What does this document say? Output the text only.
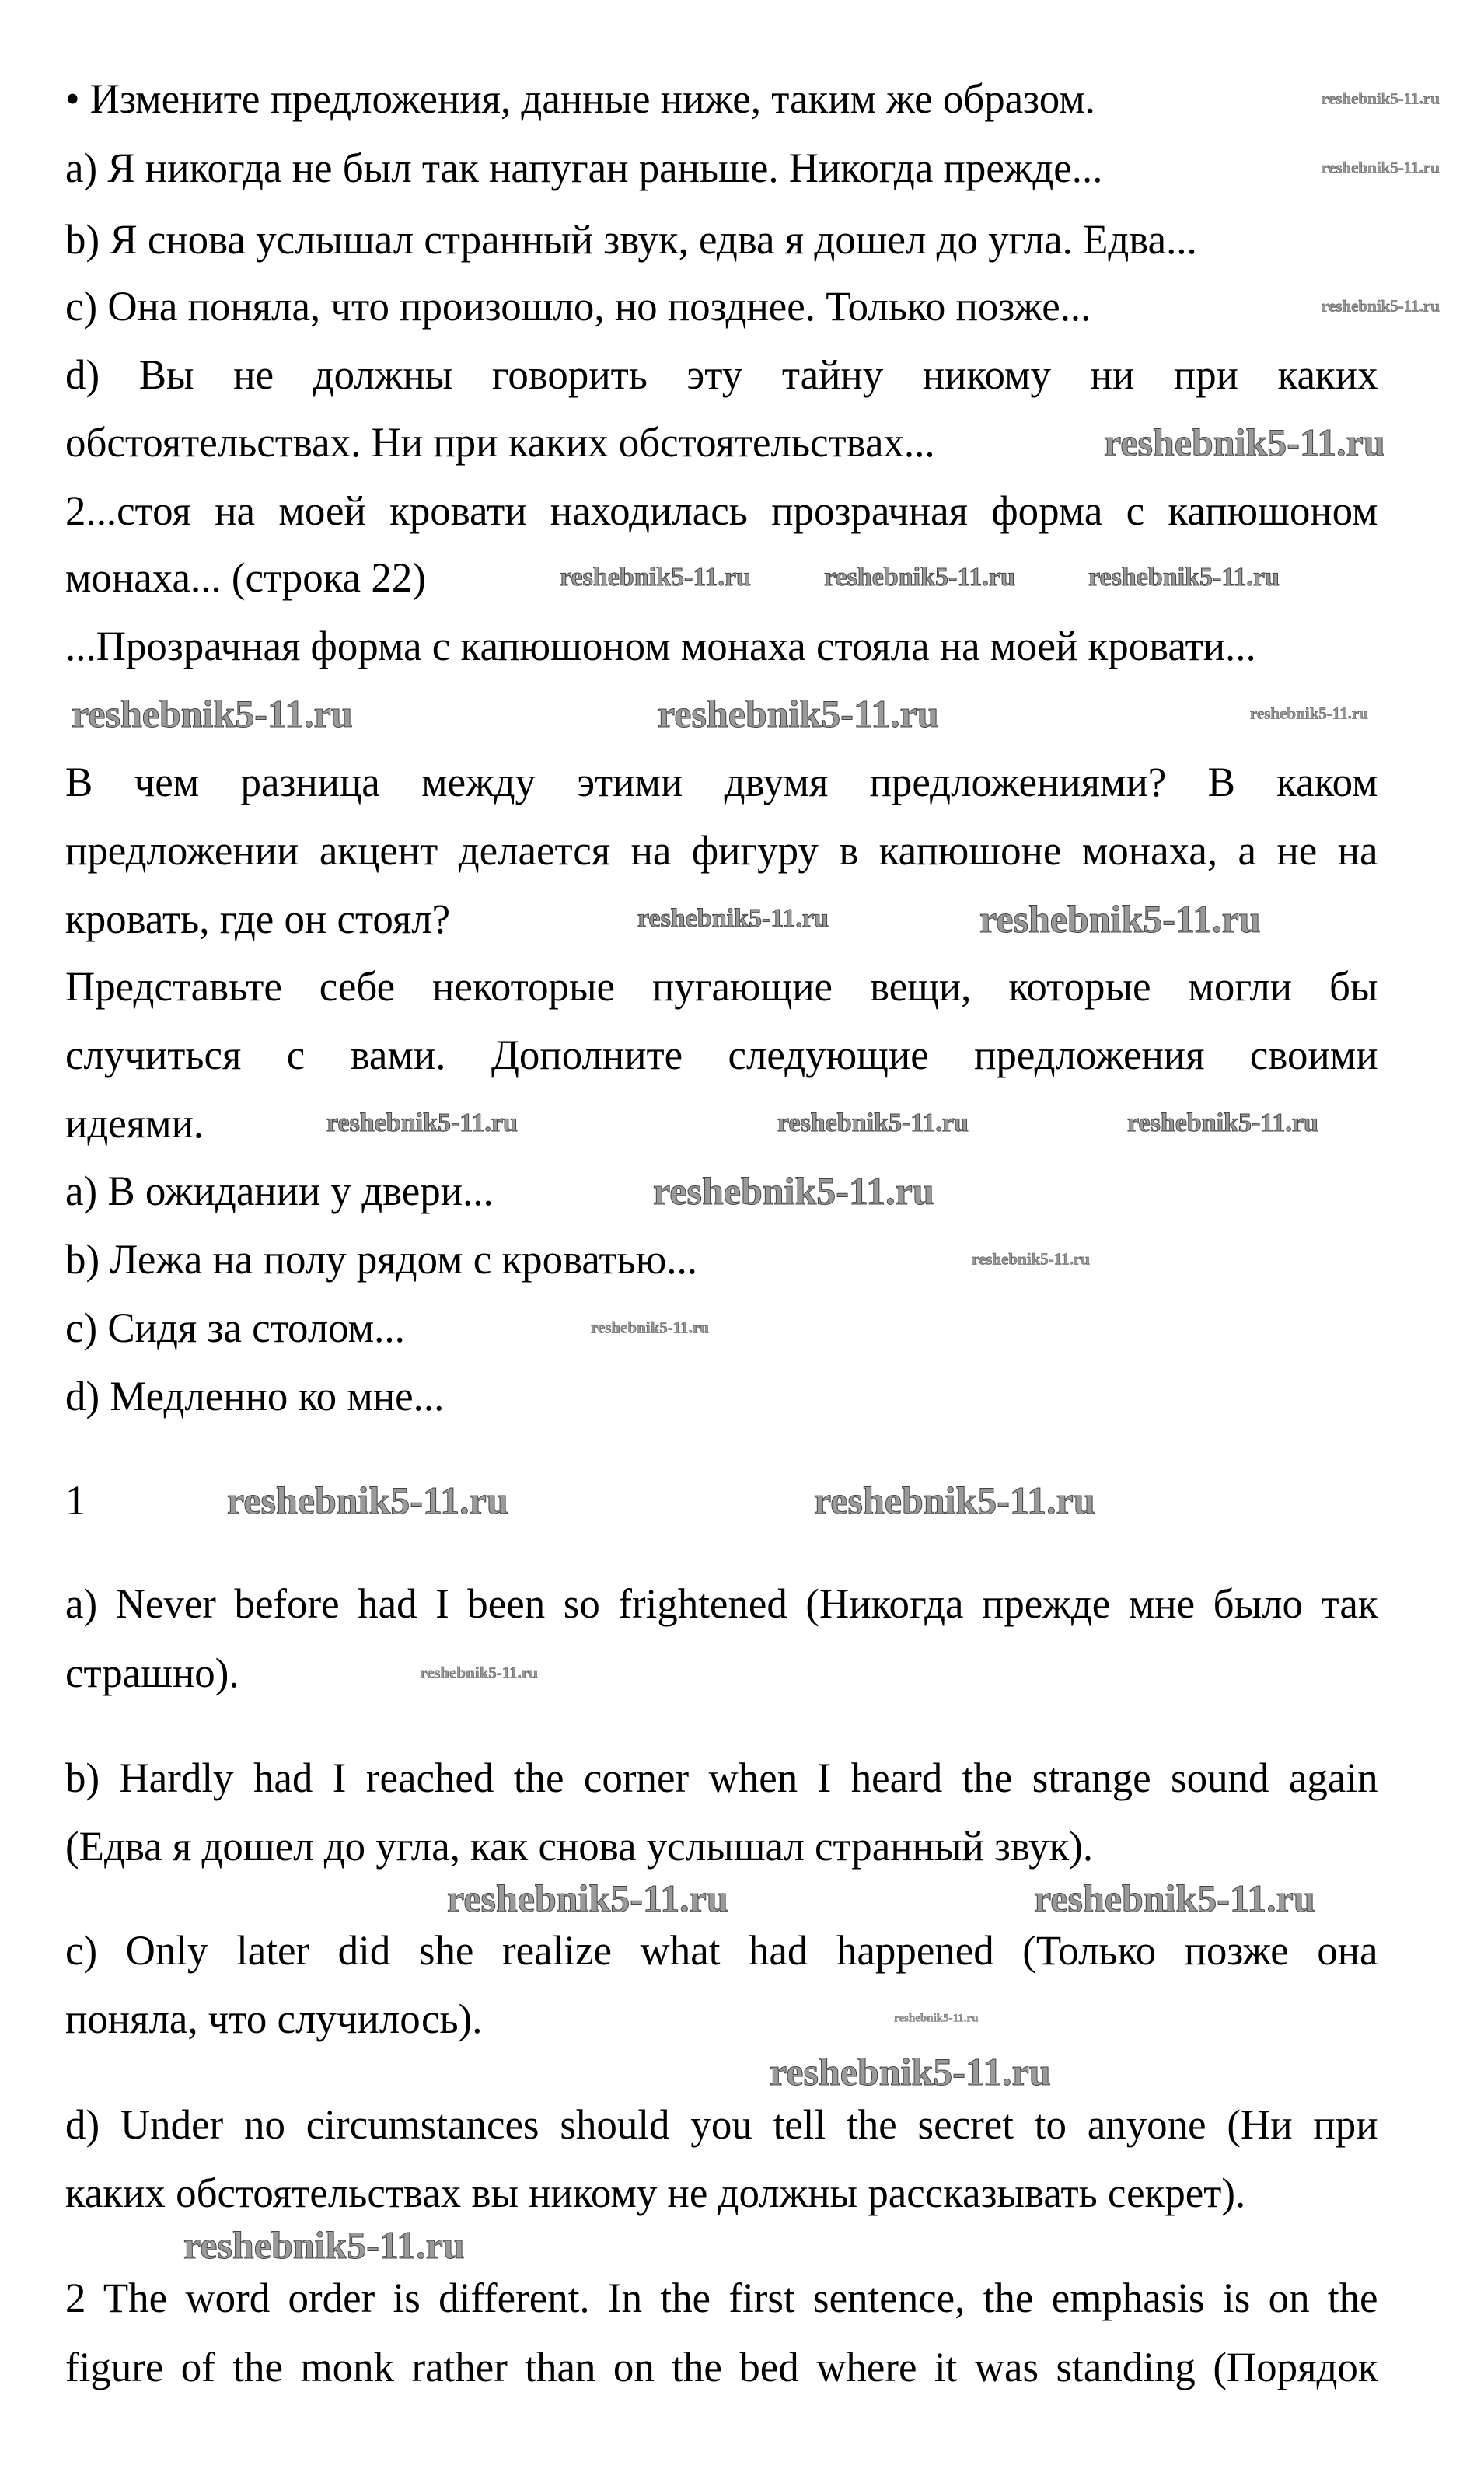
• Измените предложения, данные ниже, таким же образом.
a) Я никогда не был так напуган раньше. Никогда прежде...
b) Я снова услышал странный звук, едва я дошел до угла. Едва...
c) Она поняла, что произошло, но позднее. Только позже...
d) Вы не должны говорить эту тайну никому ни при каких
обстоятельствах. Ни при каких обстоятельствах...
2...стоя на моей кровати находилась прозрачная форма с капюшоном
монаха... (строка 22)
...Прозрачная форма с капюшоном монаха стояла на моей кровати...
В чем разница между этими двумя предложениями? В каком
предложении акцент делается на фигуру в капюшоне монаха, а не на
кровать, где он стоял?
Представьте себе некоторые пугающие вещи, которые могли бы
случиться с вами. Дополните следующие предложения своими
идеями.
a) В ожидании у двери...
b) Лежа на полу рядом с кроватью...
c) Сидя за столом...
d) Медленно ко мне...
1
a) Never before had I been so frightened (Никогда прежде мне было так
страшно).
b) Hardly had I reached the corner when I heard the strange sound again
(Едва я дошел до угла, как снова услышал странный звук).
c) Only later did she realize what had happened (Только позже она
поняла, что случилось).
d) Under no circumstances should you tell the secret to anyone (Ни при
каких обстоятельствах вы никому не должны рассказывать секрет).
2 The word order is different. In the first sentence, the emphasis is on the
figure of the monk rather than on the bed where it was standing (Порядок
reshebnik5-11.ru
reshebnik5-11.ru	reshebnik5-11.ru
reshebnik5-11.ru
reshebnik5-11.ru
reshebnik5-11.ru
reshebnik5-11.ru
reshebnik5-11.ru
reshebnik5-11.ru	reshebnik5-11.ru	reshebnik5-11.ru
reshebnik5-11.ru
reshebnik5-11.ru
reshebnik5-11.ru	reshebnik5-11.ru
reshebnik5-11.ru
reshebnik5-11.ru
reshebnik5-11.ru
reshebnik5-11.ru
reshebnik5-11.ru
reshebnik5-11.ru
reshebnik5-11.ru	reshebnik5-11.ru
reshebnik5-11.ru
reshebnik5-11.ru
reshebnik5-11.ru
